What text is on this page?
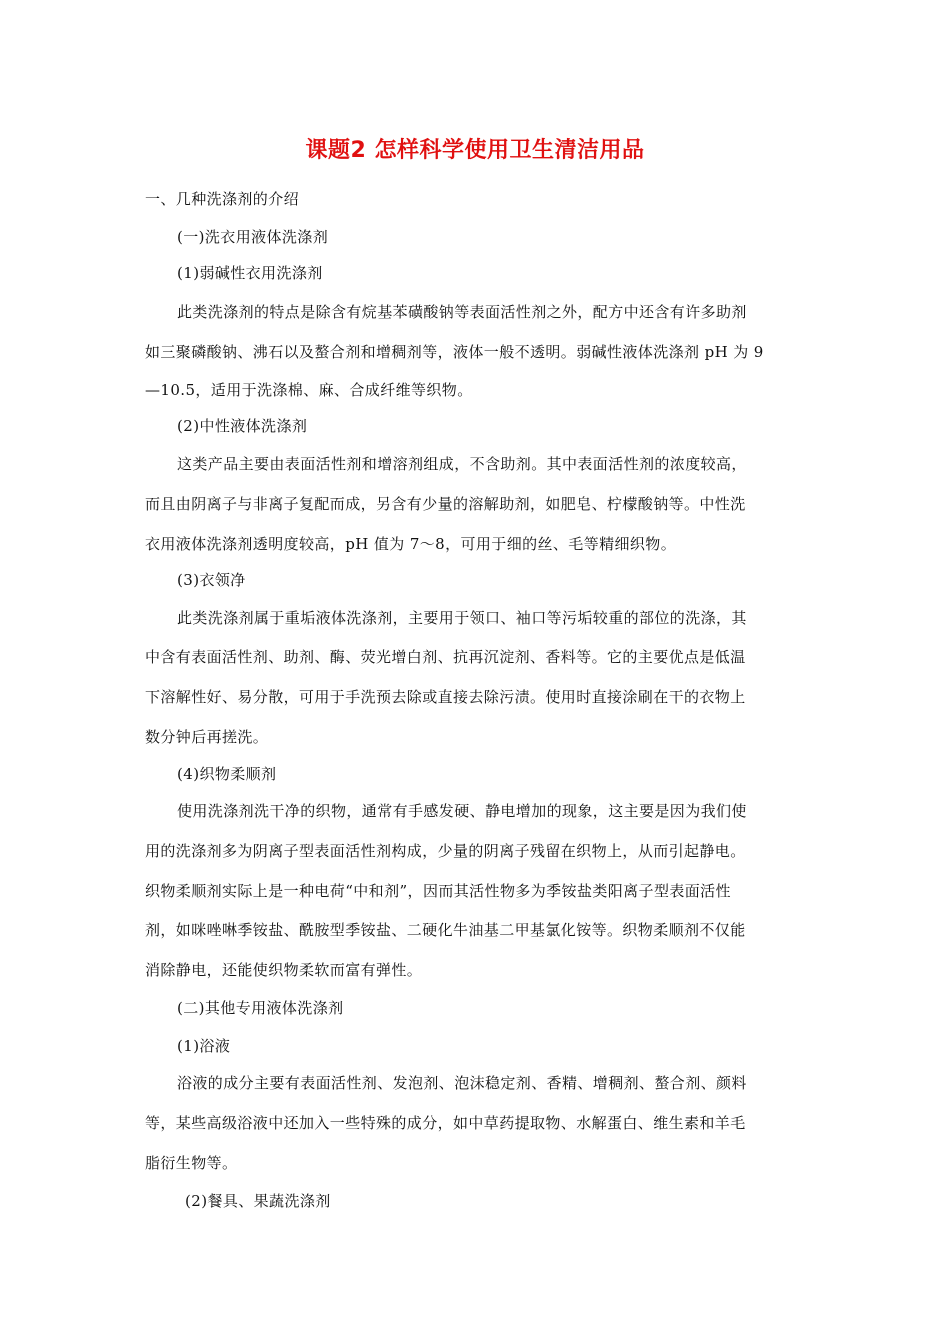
课题2 怎样科学使用卫生清洁用品
一、几种洗涤剂的介绍
(一)洗衣用液体洗涤剂
(1)弱碱性衣用洗涤剂
此类洗涤剂的特点是除含有烷基苯磺酸钠等表面活性剂之外，配方中还含有许多助剂
如三聚磷酸钠、沸石以及螯合剂和增稠剂等，液体一般不透明。弱碱性液体洗涤剂 pH 为 9
—10.5，适用于洗涤棉、麻、合成纤维等织物。
(2)中性液体洗涤剂
这类产品主要由表面活性剂和增溶剂组成，不含助剂。其中表面活性剂的浓度较高，
而且由阴离子与非离子复配而成，另含有少量的溶解助剂，如肥皂、柠檬酸钠等。中性洗
衣用液体洗涤剂透明度较高，pH 值为 7～8，可用于细的丝、毛等精细织物。
(3)衣领净
此类洗涤剂属于重垢液体洗涤剂，主要用于领口、袖口等污垢较重的部位的洗涤，其
中含有表面活性剂、助剂、酶、荧光增白剂、抗再沉淀剂、香料等。它的主要优点是低温
下溶解性好、易分散，可用于手洗预去除或直接去除污渍。使用时直接涂刷在干的衣物上
数分钟后再搓洗。
(4)织物柔顺剂
使用洗涤剂洗干净的织物，通常有手感发硬、静电增加的现象，这主要是因为我们使
用的洗涤剂多为阴离子型表面活性剂构成，少量的阴离子残留在织物上，从而引起静电。
织物柔顺剂实际上是一种电荷“中和剂”，因而其活性物多为季铵盐类阳离子型表面活性
剂，如咪唑啉季铵盐、酰胺型季铵盐、二硬化牛油基二甲基氯化铵等。织物柔顺剂不仅能
消除静电，还能使织物柔软而富有弹性。
(二)其他专用液体洗涤剂
(1)浴液
浴液的成分主要有表面活性剂、发泡剂、泡沫稳定剂、香精、增稠剂、螯合剂、颜料
等，某些高级浴液中还加入一些特殊的成分，如中草药提取物、水解蛋白、维生素和羊毛
脂衍生物等。
(2)餐具、果蔬洗涤剂
